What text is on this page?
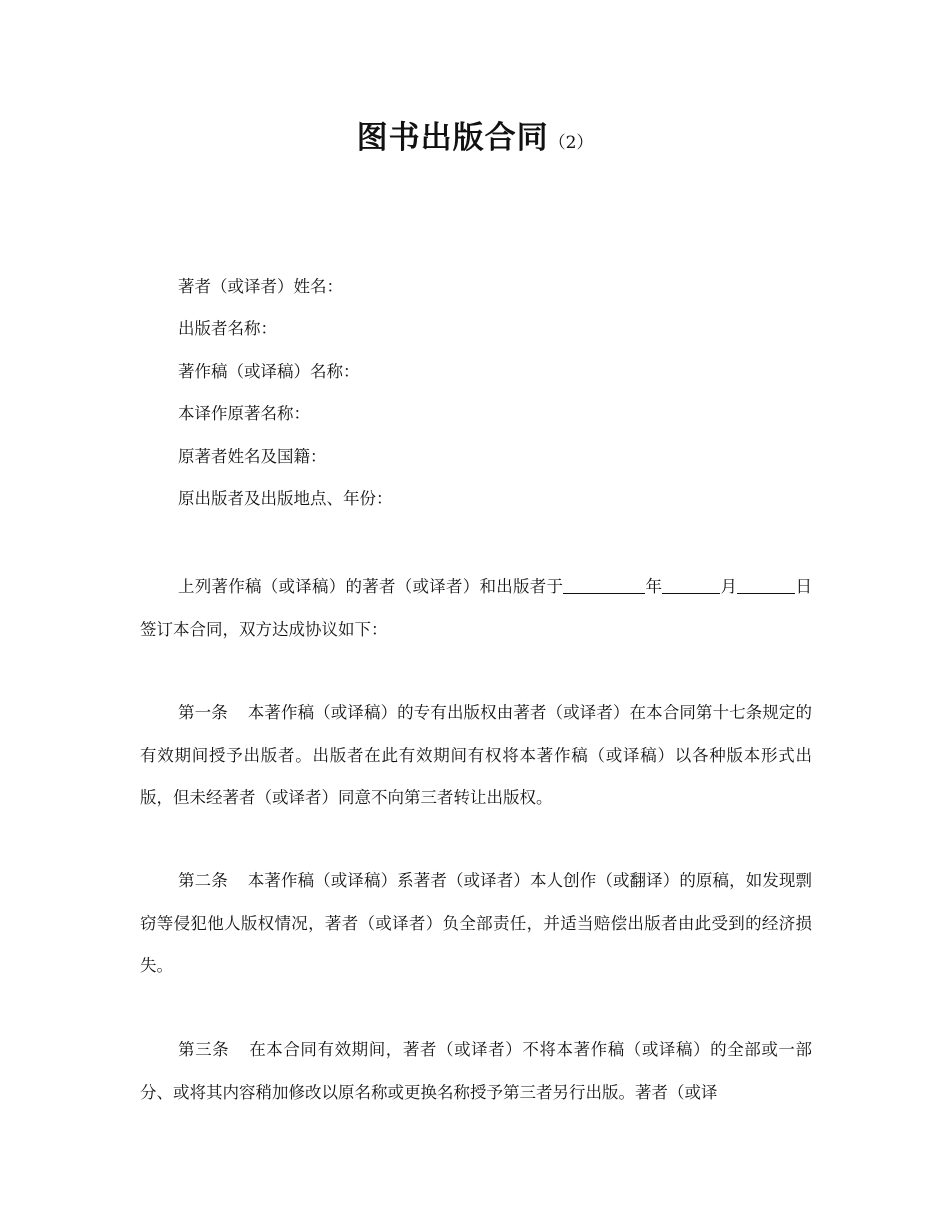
图书出版合同（2）
著者（或译者）姓名：
出版者名称：
著作稿（或译稿）名称：
本译作原著名称：
原著者姓名及国籍：
原出版者及出版地点、年份：
上列著作稿（或译稿）的著者（或译者）和出版者于	年	月	日签订本合同，双方达成协议如下：
第一条 本著作稿（或译稿）的专有出版权由著者（或译者）在本合同第十七条规定的有效期间授予出版者。出版者在此有效期间有权将本著作稿（或译稿）以各种版本形式出版，但未经著者（或译者）同意不向第三者转让出版权。
第二条 本著作稿（或译稿）系著者（或译者）本人创作（或翻译）的原稿，如发现剽窃等侵犯他人版权情况，著者（或译者）负全部责任，并适当赔偿出版者由此受到的经济损失。
第三条 在本合同有效期间，著者（或译者）不将本著作稿（或译稿）的全部或一部分、或将其内容稍加修改以原名称或更换名称授予第三者另行出版。著者（或译
